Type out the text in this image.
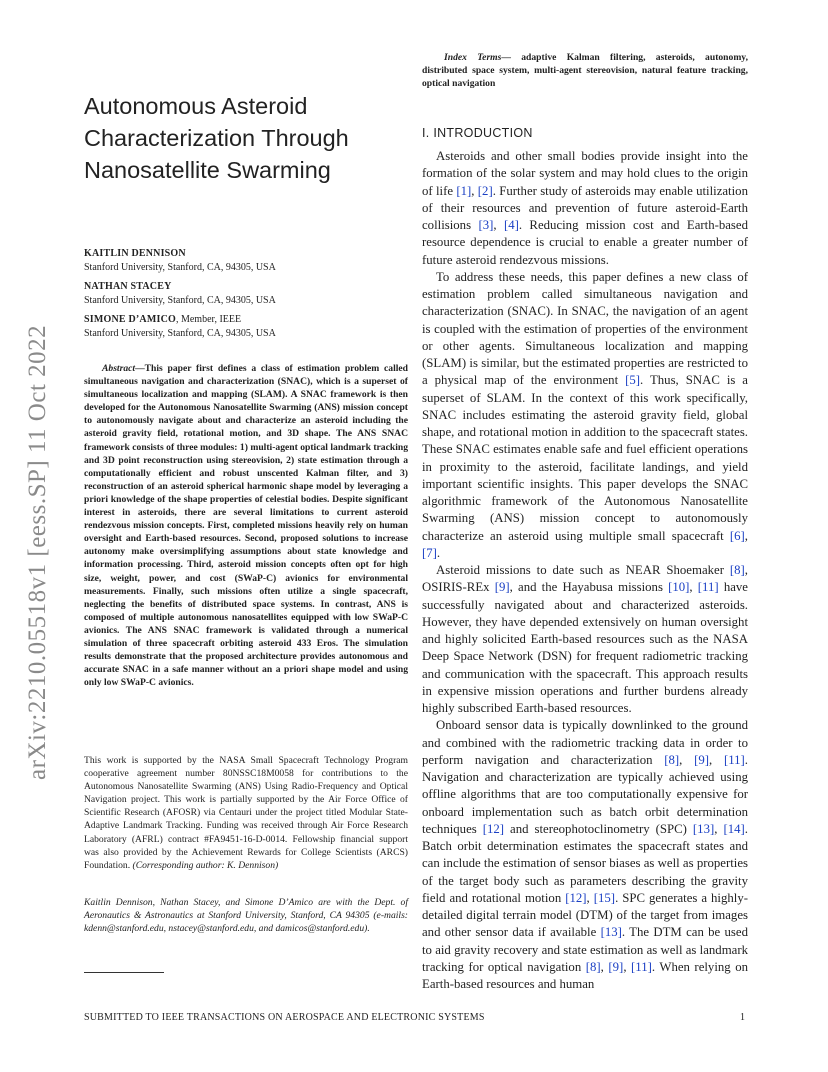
arXiv:2210.05518v1 [eess.SP] 11 Oct 2022
Autonomous Asteroid Characterization Through Nanosatellite Swarming
KAITLIN DENNISON
Stanford University, Stanford, CA, 94305, USA
NATHAN STACEY
Stanford University, Stanford, CA, 94305, USA
SIMONE D’AMICO, Member, IEEE
Stanford University, Stanford, CA, 94305, USA

Abstract—This paper first defines a class of estimation problem called simultaneous navigation and characterization (SNAC), which is a superset of simultaneous localization and mapping (SLAM). A SNAC framework is then developed for the Autonomous Nanosatellite Swarming (ANS) mission concept to autonomously navigate about and characterize an asteroid including the asteroid gravity field, rotational motion, and 3D shape. The ANS SNAC framework consists of three modules: 1) multi-agent optical landmark tracking and 3D point reconstruction using stereovision, 2) state estimation through a computationally efficient and robust unscented Kalman filter, and 3) reconstruction of an asteroid spherical harmonic shape model by leveraging a priori knowledge of the shape properties of celestial bodies. Despite significant interest in asteroids, there are several limitations to current asteroid rendezvous mission concepts. First, completed missions heavily rely on human oversight and Earth-based resources. Second, proposed solutions to increase autonomy make oversimplifying assumptions about state knowledge and information processing. Third, asteroid mission concepts often opt for high size, weight, power, and cost (SWaP-C) avionics for environmental measurements. Finally, such missions often utilize a single spacecraft, neglecting the benefits of distributed space systems. In contrast, ANS is composed of multiple autonomous nanosatellites equipped with low SWaP-C avionics. The ANS SNAC framework is validated through a numerical simulation of three spacecraft orbiting asteroid 433 Eros. The simulation results demonstrate that the proposed architecture provides autonomous and accurate SNAC in a safe manner without an a priori shape model and using only low SWaP-C avionics.

This work is supported by the NASA Small Spacecraft Technology Program cooperative agreement number 80NSSC18M0058 for contributions to the Autonomous Nanosatellite Swarming (ANS) Using Radio-Frequency and Optical Navigation project. This work is partially supported by the Air Force Office of Scientific Research (AFOSR) via Centauri under the project titled Modular State-Adaptive Landmark Tracking. Funding was received through Air Force Research Laboratory (AFRL) contract #FA9451-16-D-0014. Fellowship financial support was also provided by the Achievement Rewards for College Scientists (ARCS) Foundation. (Corresponding author: K. Dennison)

Kaitlin Dennison, Nathan Stacey, and Simone D’Amico are with the Dept. of Aeronautics & Astronautics at Stanford University, Stanford, CA 94305 (e-mails: kdenn@stanford.edu, nstacey@stanford.edu, and damicos@stanford.edu).

Index Terms— adaptive Kalman filtering, asteroids, autonomy, distributed space system, multi-agent stereovision, natural feature tracking, optical navigation

I. INTRODUCTION

Asteroids and other small bodies provide insight into the formation of the solar system and may hold clues to the origin of life [1], [2]. Further study of asteroids may enable utilization of their resources and prevention of future asteroid-Earth collisions [3], [4]. Reducing mission cost and Earth-based resource dependence is crucial to enable a greater number of future asteroid rendezvous missions.

To address these needs, this paper defines a new class of estimation problem called simultaneous navigation and characterization (SNAC). In SNAC, the navigation of an agent is coupled with the estimation of properties of the environment or other agents. Simultaneous localization and mapping (SLAM) is similar, but the estimated properties are restricted to a physical map of the environment [5]. Thus, SNAC is a superset of SLAM. In the context of this work specifically, SNAC includes estimating the asteroid gravity field, global shape, and rotational motion in addition to the spacecraft states. These SNAC estimates enable safe and fuel efficient operations in proximity to the asteroid, facilitate landings, and yield important scientific insights. This paper develops the SNAC algorithmic framework of the Autonomous Nanosatellite Swarming (ANS) mission concept to autonomously characterize an asteroid using multiple small spacecraft [6], [7].

Asteroid missions to date such as NEAR Shoemaker [8], OSIRIS-REx [9], and the Hayabusa missions [10], [11] have successfully navigated about and characterized asteroids. However, they have depended extensively on human oversight and highly solicited Earth-based resources such as the NASA Deep Space Network (DSN) for frequent radiometric tracking and communication with the spacecraft. This approach results in expensive mission operations and further burdens already highly subscribed Earth-based resources.

Onboard sensor data is typically downlinked to the ground and combined with the radiometric tracking data in order to perform navigation and characterization [8], [9], [11]. Navigation and characterization are typically achieved using offline algorithms that are too computationally expensive for onboard implementation such as batch orbit determination techniques [12] and stereophotoclinometry (SPC) [13], [14]. Batch orbit determination estimates the spacecraft states and can include the estimation of sensor biases as well as properties of the target body such as parameters describing the gravity field and rotational motion [12], [15]. SPC generates a highly-detailed digital terrain model (DTM) of the target from images and other sensor data if available [13]. The DTM can be used to aid gravity recovery and state estimation as well as landmark tracking for optical navigation [8], [9], [11]. When relying on Earth-based resources and human

SUBMITTED TO IEEE TRANSACTIONS ON AEROSPACE AND ELECTRONIC SYSTEMS	1
